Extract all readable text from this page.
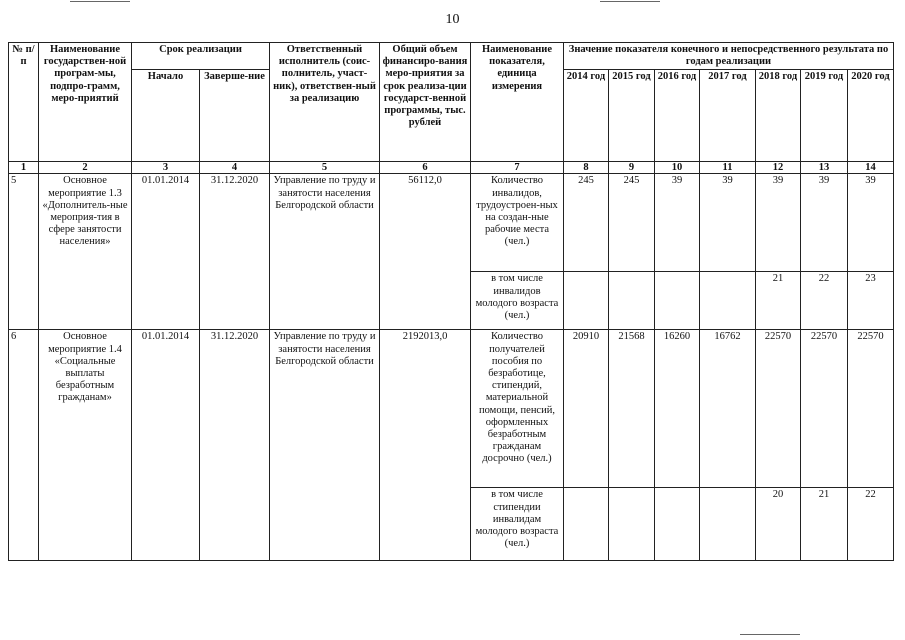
10
№ п/п	Наименование государствен-ной програм-мы, подпро-грамм, меро-приятий	Срок реализации		Ответственный исполнитель (соис-полнитель, участ-ник), ответствен-ный за реализацию	Общий объем финансиро-вания меро-приятия за срок реализа-ции государст-венной программы, тыс. рублей	Наименование показателя, единица измерения	Значение показателя конечного и непосредственного результата по годам реализации						
		Начало	Заверше-ние				2014 год	2015 год	2016 год	2017 год	2018 год	2019 год	2020 год
1	2	3	4	5	6	7	8	9	10	11	12	13	14
5	Основное мероприятие 1.3 «Дополнитель-ные мероприя-тия в сфере занятости населения»	01.01.2014	31.12.2020	Управление по труду и занятости населения Белгородской области	56112,0	Количество инвалидов, трудоустроен-ных на создан-ные рабочие места (чел.)	245	245	39	39	39	39	39
						в том числе инвалидов молодого возраста (чел.)					21	22	23
6	Основное мероприятие 1.4 «Социальные выплаты безработным гражданам»	01.01.2014	31.12.2020	Управление по труду и занятости населения Белгородской области	2192013,0	Количество получателей пособия по безработице, стипендий, материальной помощи, пенсий, оформленных безработным гражданам досрочно (чел.)	20910	21568	16260	16762	22570	22570	22570
						в том числе стипендии инвалидам молодого возраста (чел.)					20	21	22
